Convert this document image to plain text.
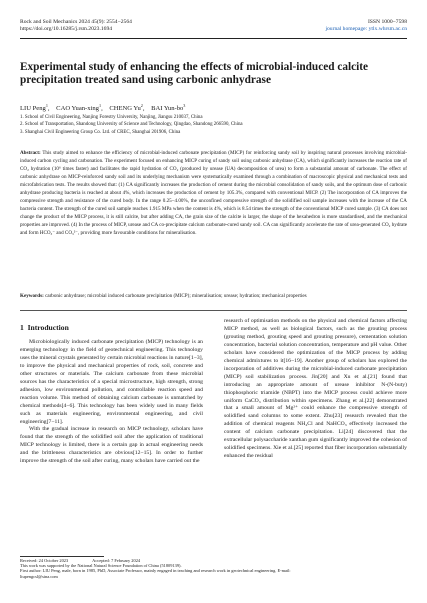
Rock and Soil Mechanics 2024 45(9): 2554−2564
https://doi.org/10.16285/j.rsm.2023.1694
ISSN 1000−7598
journal homepage: ytlx.whrsm.ac.cn
Experimental study of enhancing the effects of microbial-induced calcite precipitation treated sand using carbonic anhydrase
LIU Peng$^1$,    CAO Yuan-xing$^1$,    CHENG Yu$^2$,    BAI Yun-$bo^3$
1. School of Civil Engineering, Nanjing Forestry University, Nanjing, Jiangsu 210037, China
2. School of Transportation, Shandong University of Science and Technology, Qingdao, Shandong 266590, China
3. Shanghai Civil Engineering Group Co. Ltd. of CREC, Shanghai 201906, China

Abstract: This study aimed to enhance the efficiency of microbial-induced carbonate precipitation (MICP) for reinforcing sandy soil by inspiring natural processes involving microbial-induced carbon cycling and carbonation. The experiment focused on enhancing MICP curing of sandy soil using carbonic anhydrase (CA), which significantly increases the reaction rate of CO₂ hydration (10⁶ times faster) and facilitates the rapid hydration of CO₂ (produced by urease (UA) decomposition of urea) to form a substantial amount of carbonate. The effect of carbonic anhydrase on MICP-reinforced sandy soil and its underlying mechanism were systematically examined through a combination of macroscopic physical and mechanical tests and microfabrication tests. The results showed that: (1) CA significantly increases the production of cement during the microbial consolidation of sandy soils, and the optimum dose of carbonic anhydrase producing bacteria is reached at about 4%, which increases the production of cement by 105.3%, compared with conventional MICP. (2) The incorporation of CA improves the compressive strength and resistance of the cured body. In the range 0.25−4.00%, the unconfined compressive strength of the solidified soil sample increases with the increase of the CA bacteria content. The strength of the cured soil sample reaches 1.915 MPa when the content is 4%, which is 8.54 times the strength of the conventional MICP cured sample. (3) CA does not change the product of the MICP process, it is still calcite, but after adding CA, the grain size of the calcite is larger, the shape of the hexahedron is more standardised, and the mechanical properties are improved. (4) In the process of MICP, urease and CA co-precipitate calcium carbonate-cured sandy soil. CA can significantly accelerate the rate of urea-generated CO₂ hydrate and form HCO₃⁻ and CO₃²⁻, providing more favourable conditions for mineralisation.

Keywords: carbonic anhydrase; microbial induced carbonate precipitation (MICP); mineralisation; urease; hydration; mechanical properties

1 Introduction

Microbiologically induced carbonate precipitation (MICP) technology is an emerging technology in the field of geotechnical engineering. This technology uses the mineral crystals generated by certain microbial reactions in nature[1−3], to improve the physical and mechanical properties of rock, soil, concrete and other structures or materials. The calcium carbonate from these microbial sources has the characteristics of a special microstructure, high strength, strong adhesion, low environmental pollution, and controllable reaction speed and reaction volume. This method of obtaining calcium carbonate is unmatched by chemical methods[4−6]. This technology has been widely used in many fields such as materials engineering, environmental engineering, and civil engineering[7−11].

With the gradual increase in research on MICP technology, scholars have found that the strength of the solidified soil after the application of traditional MICP technology is limited, there is a certain gap in actual engineering needs and the brittleness characteristics are obvious[12−15]. In order to further improve the strength of the soil after curing, many scholars have carried out the

research of optimisation methods on the physical and chemical factors affecting MICP method, as well as biological factors, such as the grouting process (grouting method, grouting speed and grouting pressure), cementation solution concentration, bacterial solution concentration, temperature and pH value. Other scholars have considered the optimization of the MICP process by adding chemical admixtures to it[16−19]. Another group of scholars has explored the incorporation of additives during the microbial-induced carbonate precipitation (MICP) soil stabilization process. Jin[20] and Xu et al.[21] found that introducing an appropriate amount of urease inhibitor N-(N-buty) thiophosphoric triamide (NBPT) into the MICP process could achieve more uniform CaCO₃ distribution within specimens. Zhang et al.[22] demonstrated that a small amount of Mg²⁺ could enhance the compressive strength of solidified sand columns to some extent. Zhu[23] research revealed that the addition of chemical reagents NH₄Cl and NaHCO₃ effectively increased the content of calcium carbonate precipitation. Li[24] discovered that the extracellular polysaccharide xanthan gum significantly improved the cohesion of solidified specimens. Xie et al.[25] reported that fiber incorporation substantially enhanced the residual

Received: 24 October 2023	Accepted: 7 February 2024
This work was supported by the National Natural Science Foundation of China (51809139).
First author: LIU Peng, male, born in 1985, PhD, Associate Professor, mainly engaged in teaching and research work in geotechnical engineering. E-mail:
liupengcsl@sina.com
